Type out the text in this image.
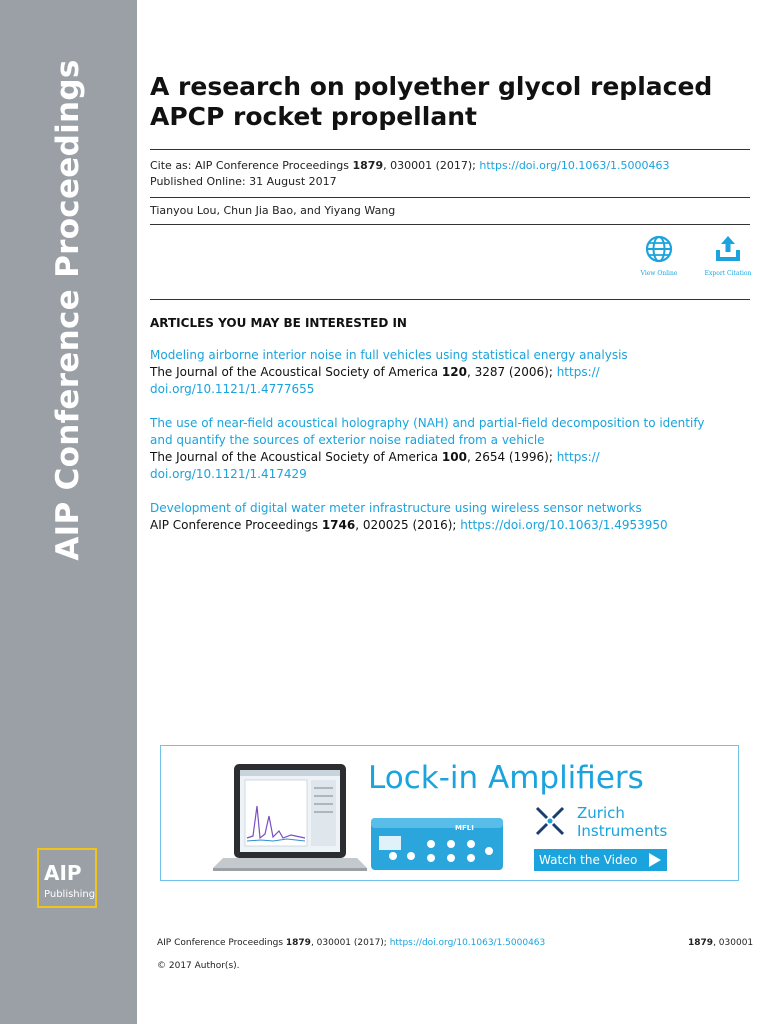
AIP Conference Proceedings
AIP
Publishing
A research on polyether glycol replaced APCP rocket propellant
Cite as: AIP Conference Proceedings 1879, 030001 (2017); https://doi.org/10.1063/1.5000463
Published Online: 31 August 2017
Tianyou Lou, Chun Jia Bao, and Yiyang Wang
View Online	Export Citation
ARTICLES YOU MAY BE INTERESTED IN
Modeling airborne interior noise in full vehicles using statistical energy analysis
The Journal of the Acoustical Society of America 120, 3287 (2006); https://
doi.org/10.1121/1.4777655
The use of near-field acoustical holography (NAH) and partial-field decomposition to identify
and quantify the sources of exterior noise radiated from a vehicle
The Journal of the Acoustical Society of America 100, 2654 (1996); https://
doi.org/10.1121/1.417429
Development of digital water meter infrastructure using wireless sensor networks
AIP Conference Proceedings 1746, 020025 (2016); https://doi.org/10.1063/1.4953950
MFLI
Lock-in Amplifiers
Zurich
Instruments
Watch the Video
AIP Conference Proceedings 1879, 030001 (2017); https://doi.org/10.1063/1.5000463	1879, 030001
© 2017 Author(s).
